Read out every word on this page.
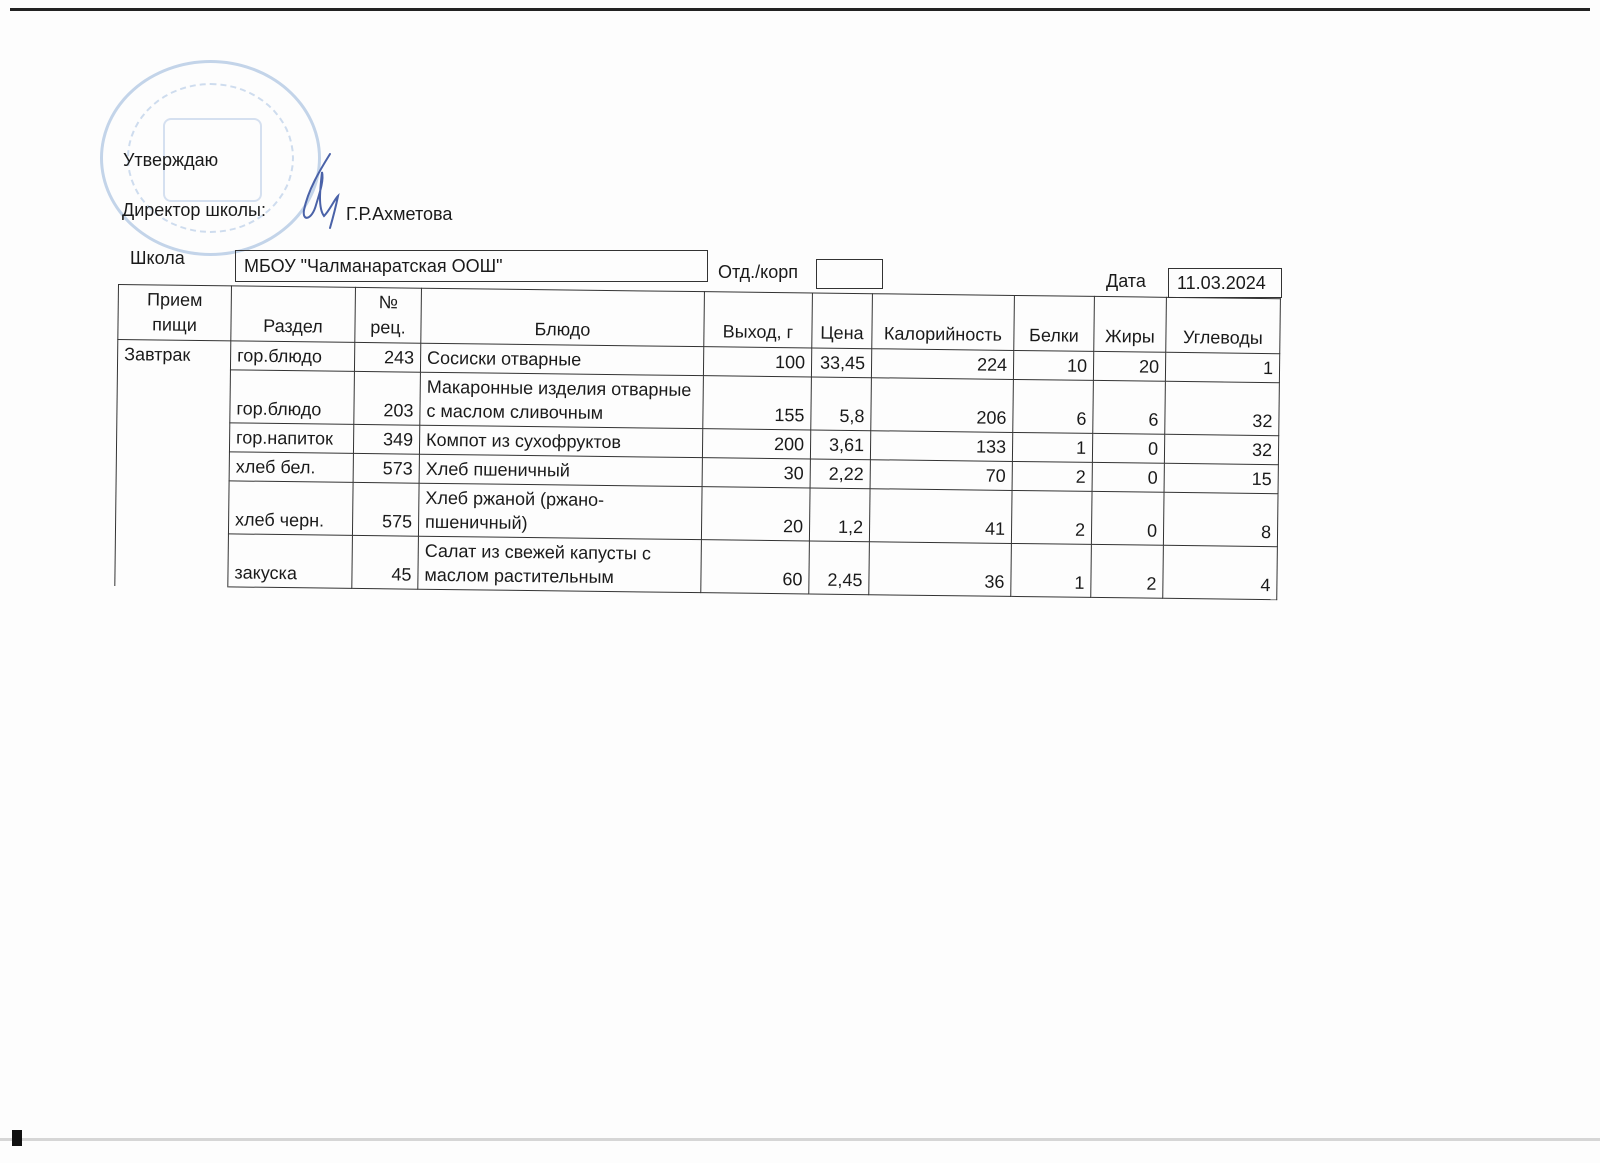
Утверждаю
Директор школы:	Г.Р.Ахметова
Школа	МБОУ "Чалманаратская ООШ"	Отд./корп	Дата 11.03.2024
Прием пищи	Раздел	№ рец.	Блюдо	Выход, г	Цена	Калорийность	Белки	Жиры	Углеводы
Завтрак	гор.блюдо	243	Сосиски отварные	100	33,45	224	10	20	1
	гор.блюдо	203	Макаронные изделия отварные с маслом сливочным	155	5,8	206	6	6	32
	гор.напиток	349	Компот из сухофруктов	200	3,61	133	1	0	32
	хлеб бел.	573	Хлеб пшеничный	30	2,22	70	2	0	15
	хлеб черн.	575	Хлеб ржаной (ржано-пшеничный)	20	1,2	41	2	0	8
	закуска	45	Салат из свежей капусты с маслом растительным	60	2,45	36	1	2	4
